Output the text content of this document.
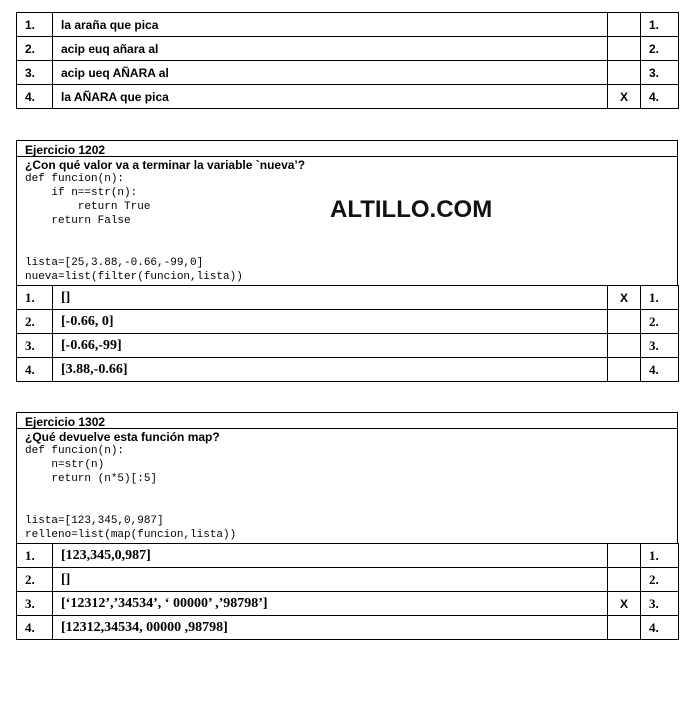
1.	la araña que pica		1.
2.	acip euq añara al		2.
3.	acip ueq AÑARA al		3.
4.	la AÑARA que pica	X	4.
Ejercicio 1202
¿Con qué valor va a terminar la variable `nueva’?
def funcion(n):
if n==str(n):
return True
return False

lista=[25,3.88,-0.66,-99,0]
nueva=list(filter(funcion,lista))
ALTILLO.COM
1.	[]	X	1.
2.	[-0.66, 0]		2.
3.	[-0.66,-99]		3.
4.	[3.88,-0.66]		4.
Ejercicio 1302
¿Qué devuelve esta función map?
def funcion(n):
n=str(n)
return (n*5)[:5]

lista=[123,345,0,987]
relleno=list(map(funcion,lista))
1.	[123,345,0,987]		1.
2.	[]		2.
3.	[‘12312’,’34534’, ‘ 00000’ ,’98798’]	X	3.
4.	[12312,34534, 00000 ,98798]		4.
